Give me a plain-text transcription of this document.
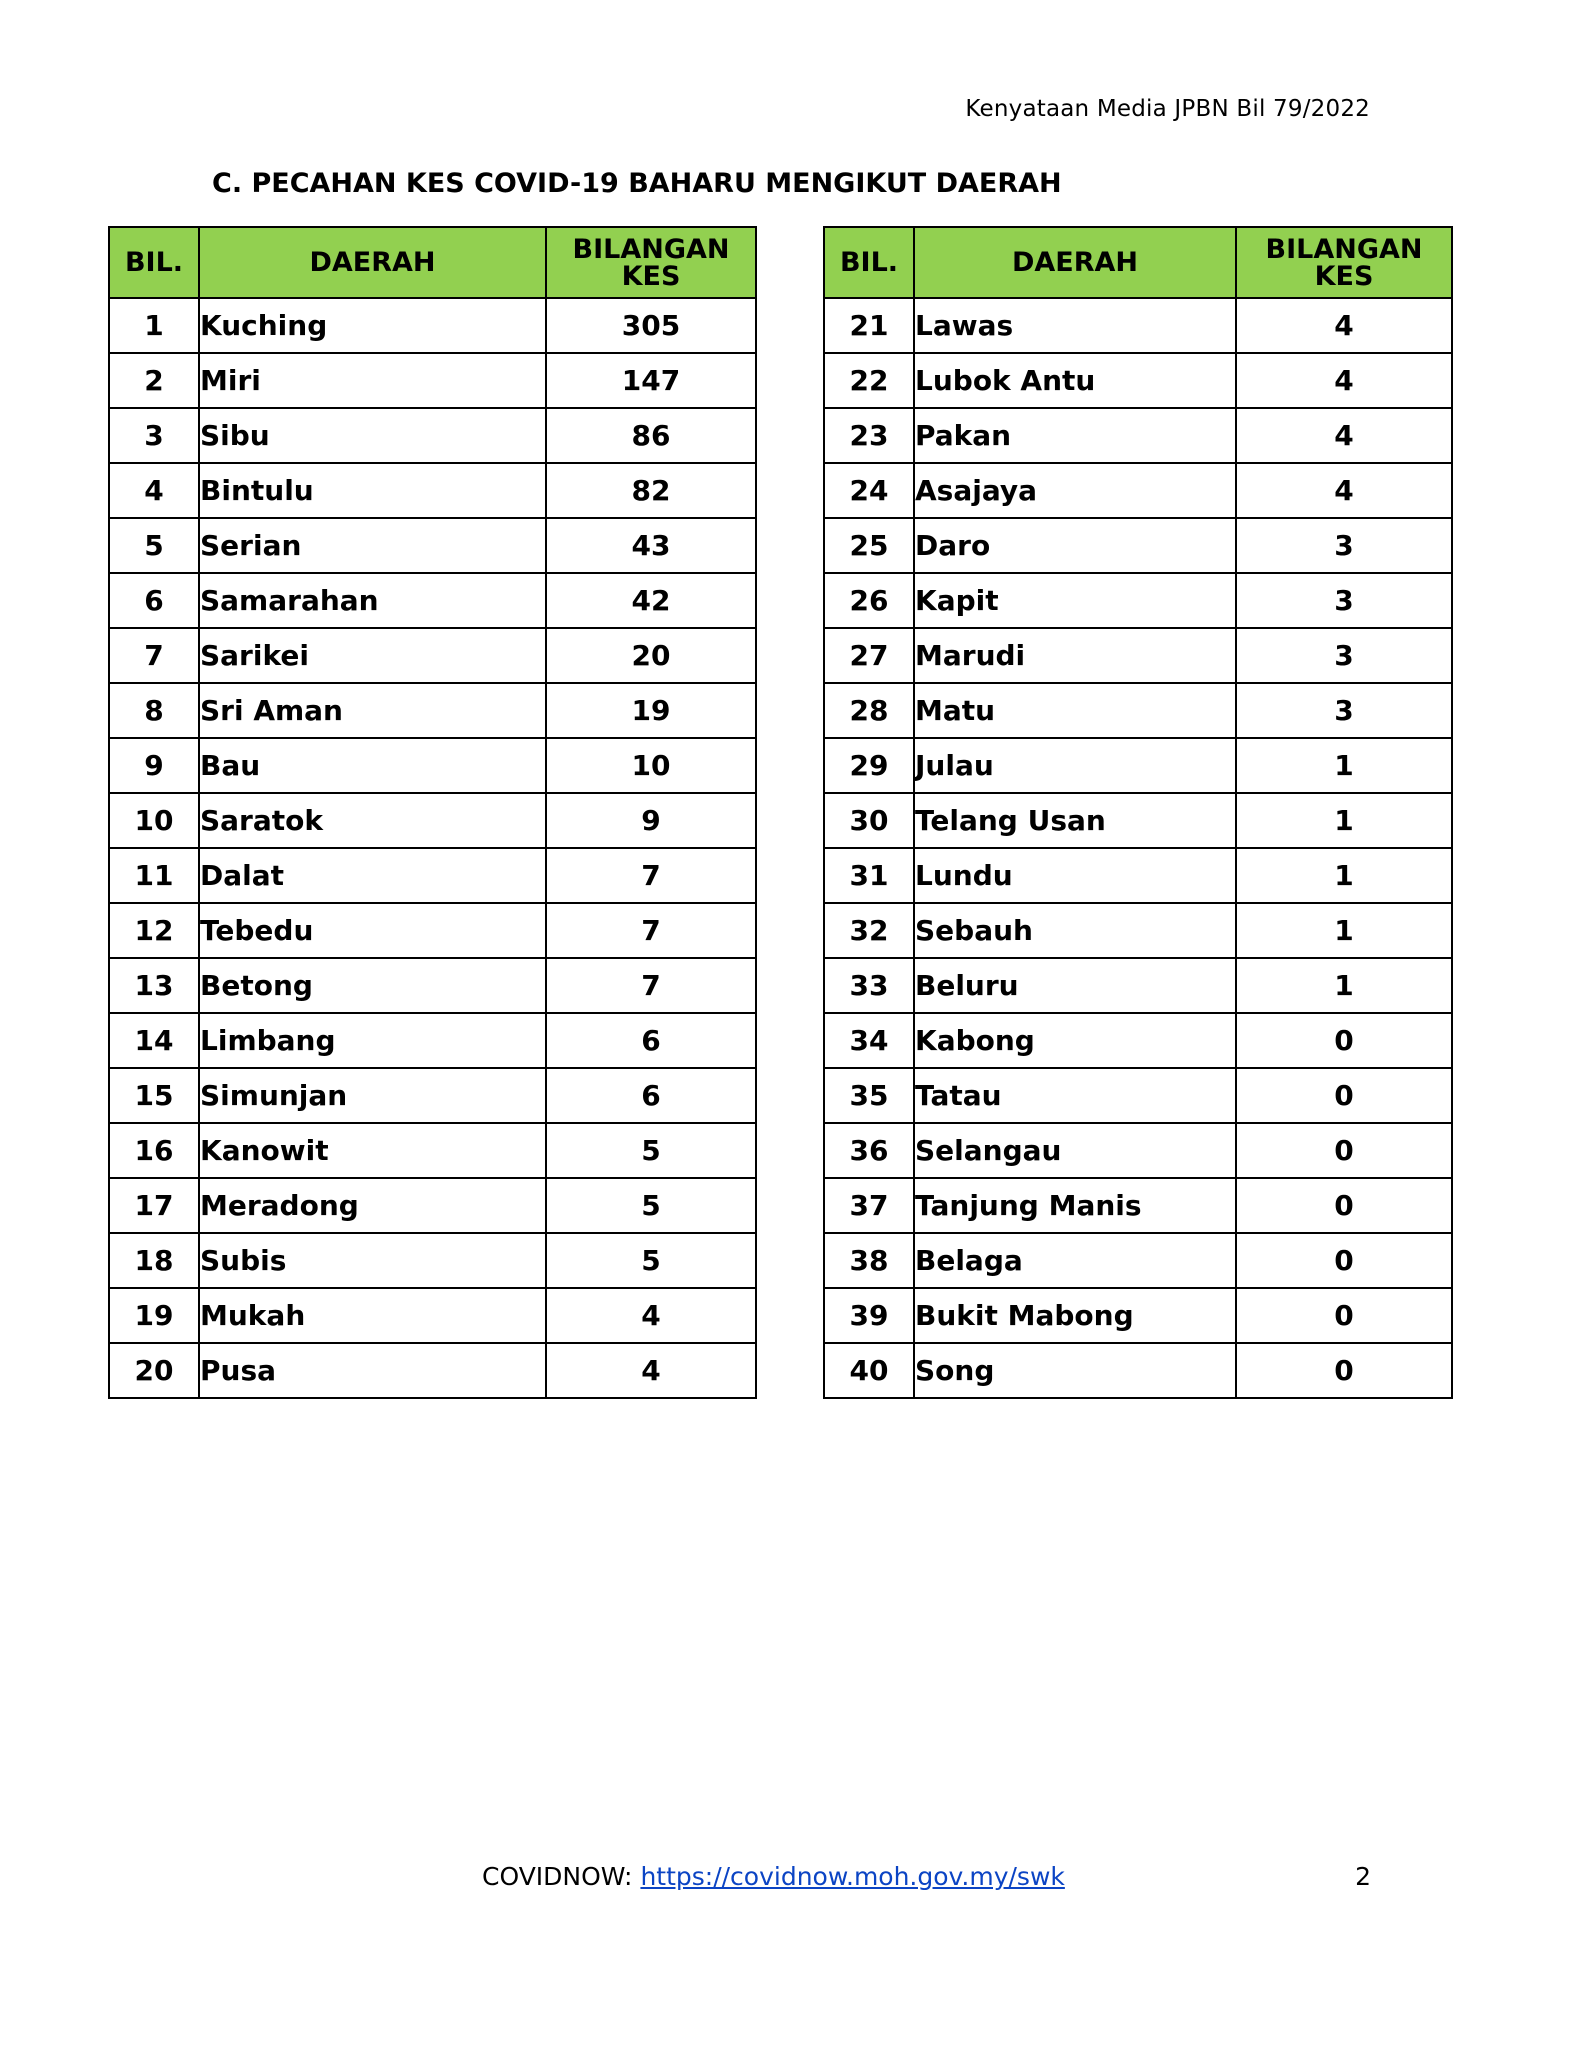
Kenyataan Media JPBN Bil 79/2022
C. PECAHAN KES COVID-19 BAHARU MENGIKUT DAERAH
BIL.	DAERAH	BILANGAN KES
1	Kuching	305
2	Miri	147
3	Sibu	86
4	Bintulu	82
5	Serian	43
6	Samarahan	42
7	Sarikei	20
8	Sri Aman	19
9	Bau	10
10	Saratok	9
11	Dalat	7
12	Tebedu	7
13	Betong	7
14	Limbang	6
15	Simunjan	6
16	Kanowit	5
17	Meradong	5
18	Subis	5
19	Mukah	4
20	Pusa	4
BIL.	DAERAH	BILANGAN KES
21	Lawas	4
22	Lubok Antu	4
23	Pakan	4
24	Asajaya	4
25	Daro	3
26	Kapit	3
27	Marudi	3
28	Matu	3
29	Julau	1
30	Telang Usan	1
31	Lundu	1
32	Sebauh	1
33	Beluru	1
34	Kabong	0
35	Tatau	0
36	Selangau	0
37	Tanjung Manis	0
38	Belaga	0
39	Bukit Mabong	0
40	Song	0
COVIDNOW: https://covidnow.moh.gov.my/swk	2
